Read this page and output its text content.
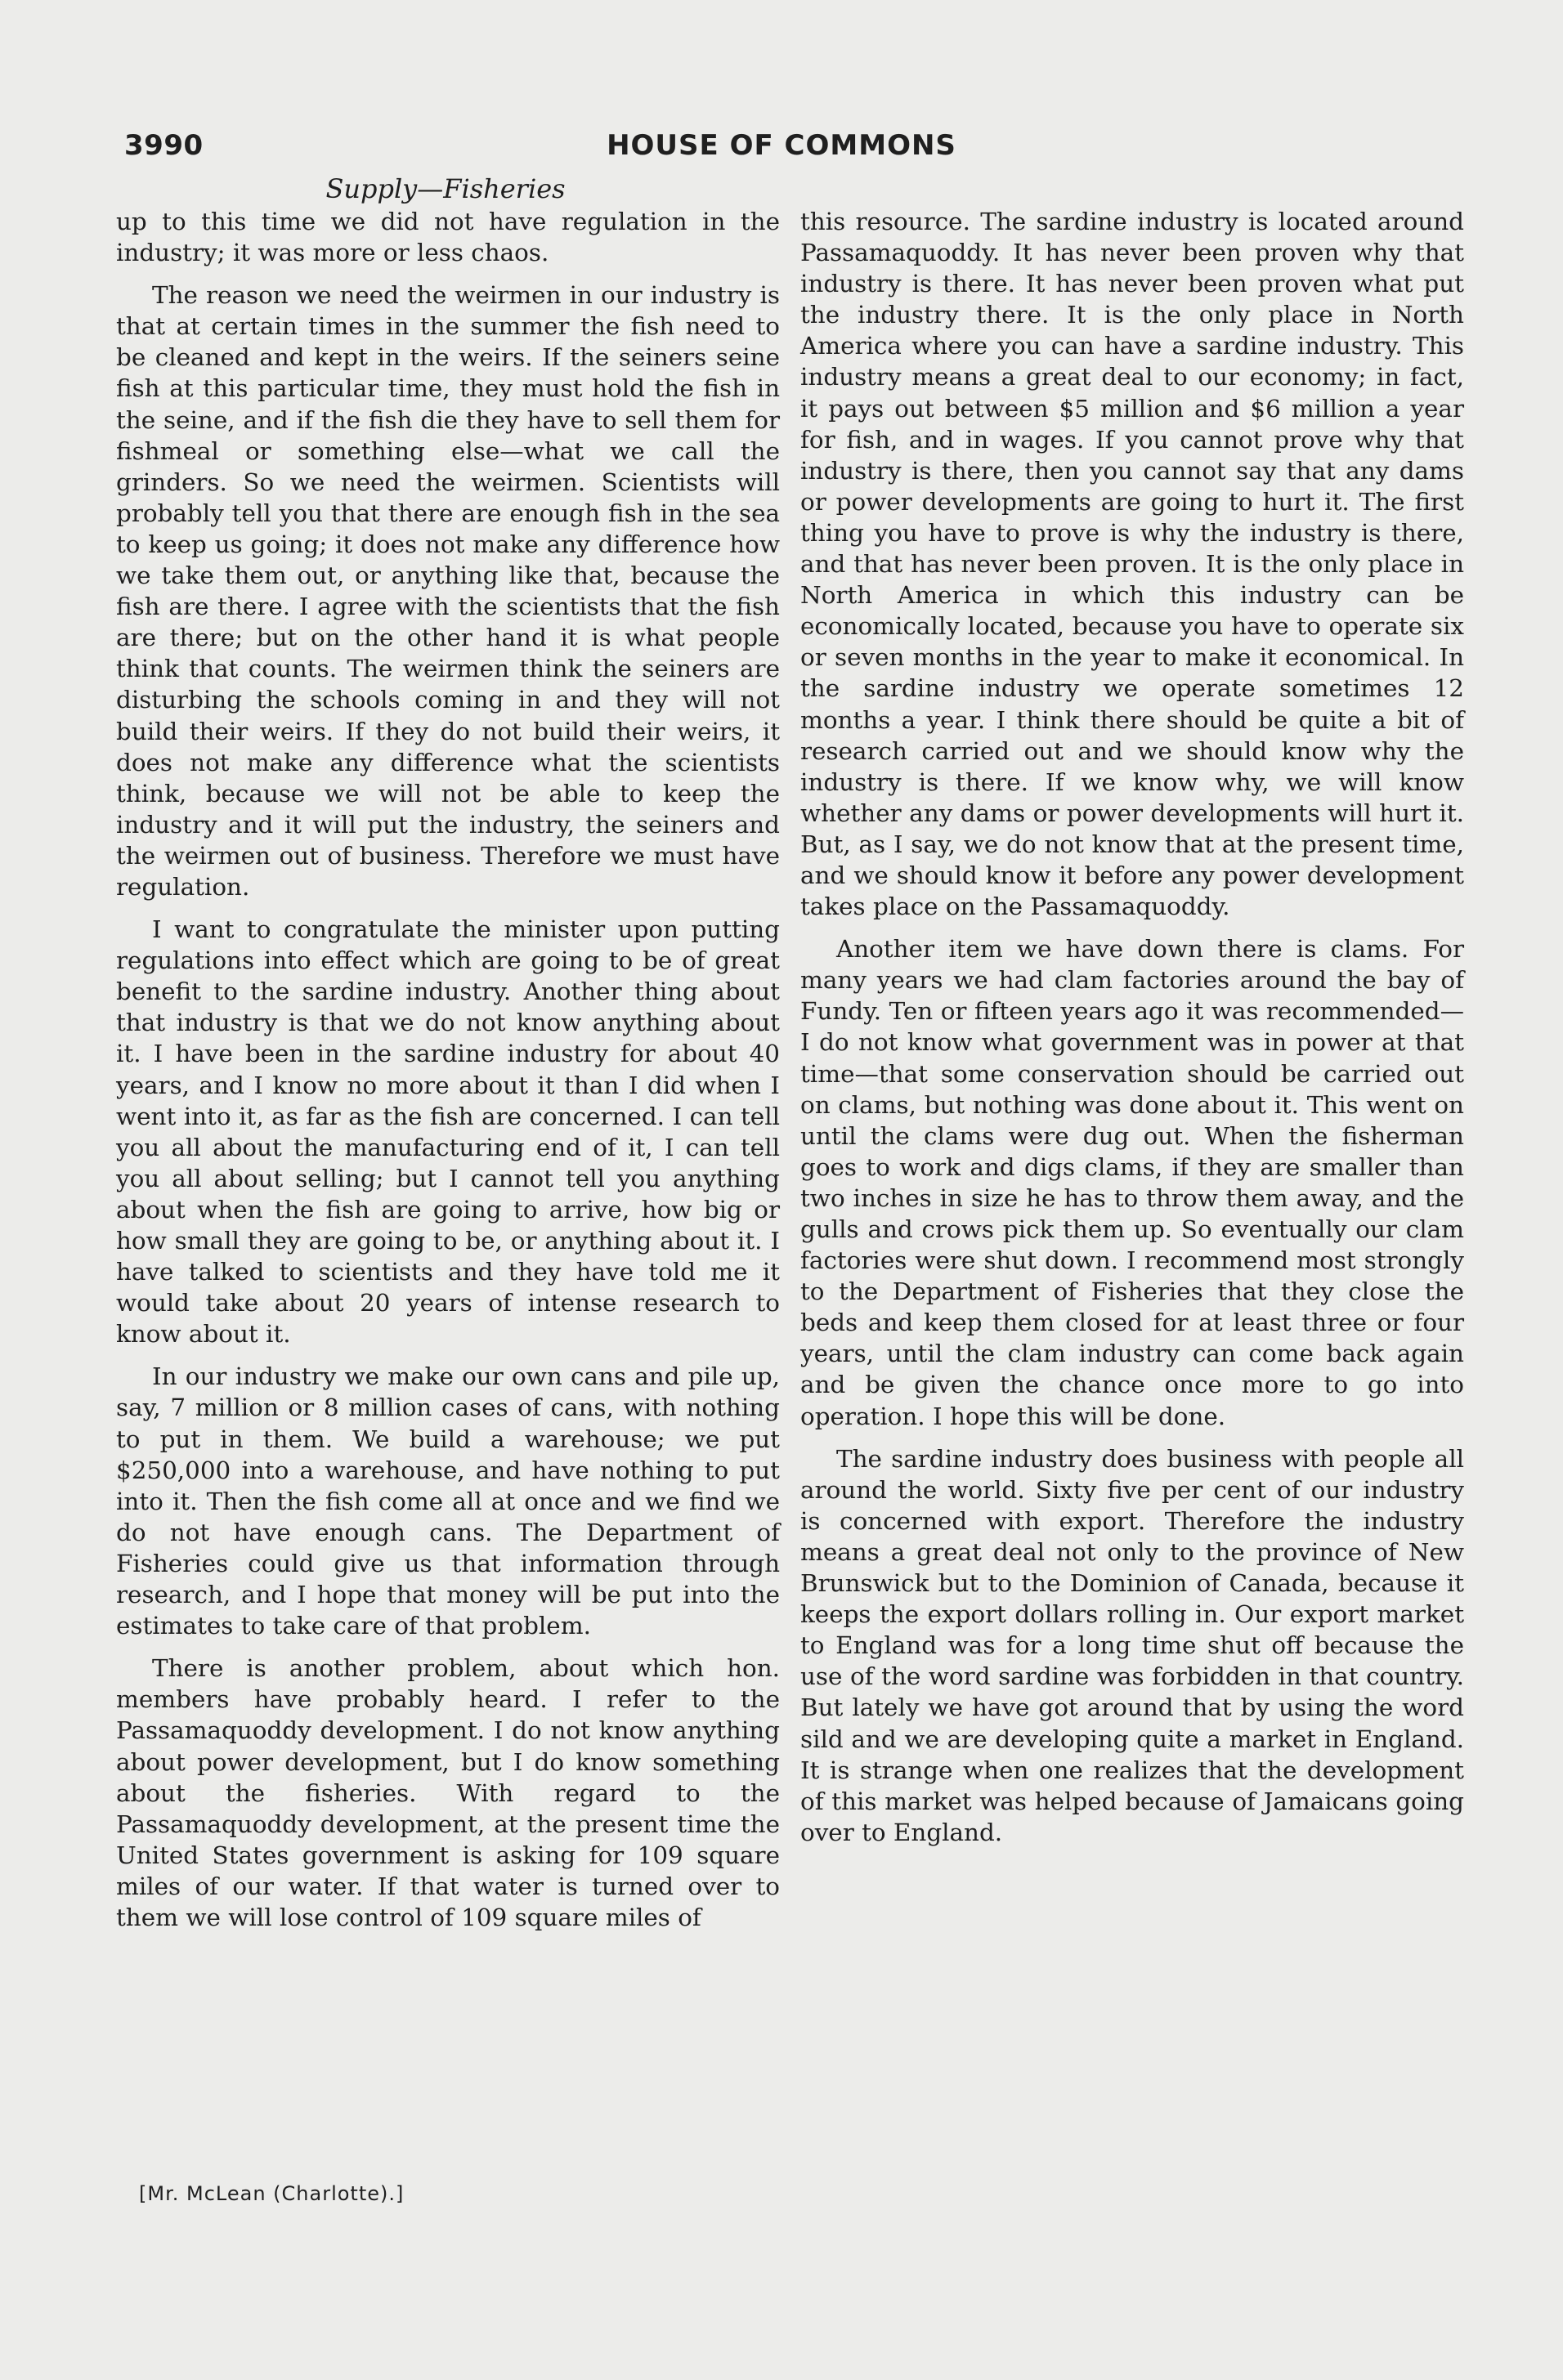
3990	HOUSE OF COMMONS
Supply—Fisheries

up to this time we did not have regulation in the industry; it was more or less chaos.

The reason we need the weirmen in our industry is that at certain times in the summer the fish need to be cleaned and kept in the weirs. If the seiners seine fish at this particular time, they must hold the fish in the seine, and if the fish die they have to sell them for fishmeal or something else—what we call the grinders. So we need the weirmen. Scientists will probably tell you that there are enough fish in the sea to keep us going; it does not make any difference how we take them out, or anything like that, because the fish are there. I agree with the scientists that the fish are there; but on the other hand it is what people think that counts. The weirmen think the seiners are disturbing the schools coming in and they will not build their weirs. If they do not build their weirs, it does not make any difference what the scientists think, because we will not be able to keep the industry and it will put the industry, the seiners and the weirmen out of business. Therefore we must have regulation.

I want to congratulate the minister upon putting regulations into effect which are going to be of great benefit to the sardine industry. Another thing about that industry is that we do not know anything about it. I have been in the sardine industry for about 40 years, and I know no more about it than I did when I went into it, as far as the fish are concerned. I can tell you all about the manufacturing end of it, I can tell you all about selling; but I cannot tell you anything about when the fish are going to arrive, how big or how small they are going to be, or anything about it. I have talked to scientists and they have told me it would take about 20 years of intense research to know about it.

In our industry we make our own cans and pile up, say, 7 million or 8 million cases of cans, with nothing to put in them. We build a warehouse; we put $250,000 into a warehouse, and have nothing to put into it. Then the fish come all at once and we find we do not have enough cans. The Department of Fisheries could give us that information through research, and I hope that money will be put into the estimates to take care of that problem.

There is another problem, about which hon. members have probably heard. I refer to the Passamaquoddy development. I do not know anything about power development, but I do know something about the fisheries. With regard to the Passamaquoddy development, at the present time the United States government is asking for 109 square miles of our water. If that water is turned over to them we will lose control of 109 square miles of

this resource. The sardine industry is located around Passamaquoddy. It has never been proven why that industry is there. It has never been proven what put the industry there. It is the only place in North America where you can have a sardine industry. This industry means a great deal to our economy; in fact, it pays out between $5 million and $6 million a year for fish, and in wages. If you cannot prove why that industry is there, then you cannot say that any dams or power developments are going to hurt it. The first thing you have to prove is why the industry is there, and that has never been proven. It is the only place in North America in which this industry can be economically located, because you have to operate six or seven months in the year to make it economical. In the sardine industry we operate sometimes 12 months a year. I think there should be quite a bit of research carried out and we should know why the industry is there. If we know why, we will know whether any dams or power developments will hurt it. But, as I say, we do not know that at the present time, and we should know it before any power development takes place on the Passamaquoddy.

Another item we have down there is clams. For many years we had clam factories around the bay of Fundy. Ten or fifteen years ago it was recommended—I do not know what government was in power at that time—that some conservation should be carried out on clams, but nothing was done about it. This went on until the clams were dug out. When the fisherman goes to work and digs clams, if they are smaller than two inches in size he has to throw them away, and the gulls and crows pick them up. So eventually our clam factories were shut down. I recommend most strongly to the Department of Fisheries that they close the beds and keep them closed for at least three or four years, until the clam industry can come back again and be given the chance once more to go into operation. I hope this will be done.

The sardine industry does business with people all around the world. Sixty five per cent of our industry is concerned with export. Therefore the industry means a great deal not only to the province of New Brunswick but to the Dominion of Canada, because it keeps the export dollars rolling in. Our export market to England was for a long time shut off because the use of the word sardine was forbidden in that country. But lately we have got around that by using the word sild and we are developing quite a market in England. It is strange when one realizes that the development of this market was helped because of Jamaicans going over to England.

[Mr. McLean (Charlotte).]
